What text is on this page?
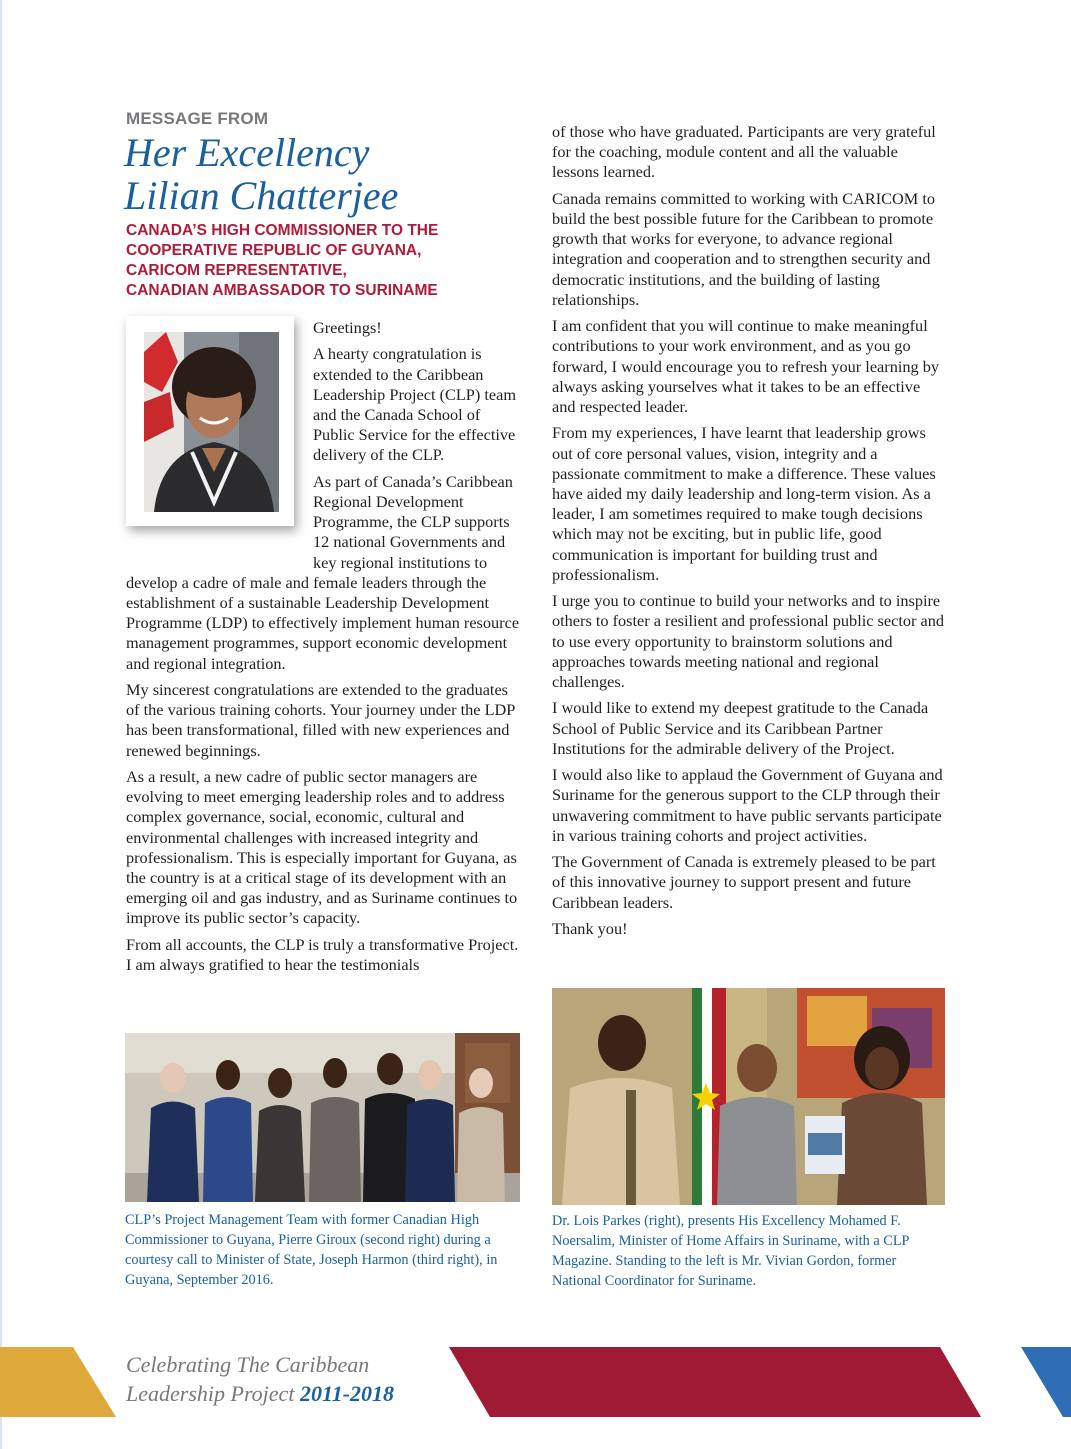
MESSAGE FROM
Her Excellency
Lilian Chatterjee
CANADA’S HIGH COMMISSIONER TO THE
COOPERATIVE REPUBLIC OF GUYANA,
CARICOM REPRESENTATIVE,
CANADIAN AMBASSADOR TO SURINAME

Greetings!

A hearty congratulation is extended to the Caribbean Leadership Project (CLP) team and the Canada School of Public Service for the effective delivery of the CLP.

As part of Canada’s Caribbean Regional Development Programme, the CLP supports 12 national Governments and key regional institutions to develop a cadre of male and female leaders through the establishment of a sustainable Leadership Development Programme (LDP) to effectively implement human resource management programmes, support economic development and regional integration.

My sincerest congratulations are extended to the graduates of the various training cohorts. Your journey under the LDP has been transformational, filled with new experiences and renewed beginnings.

As a result, a new cadre of public sector managers are evolving to meet emerging leadership roles and to address complex governance, social, economic, cultural and environmental challenges with increased integrity and professionalism. This is especially important for Guyana, as the country is at a critical stage of its development with an emerging oil and gas industry, and as Suriname continues to improve its public sector’s capacity.

From all accounts, the CLP is truly a transformative Project. I am always gratified to hear the testimonials

of those who have graduated. Participants are very grateful for the coaching, module content and all the valuable lessons learned.

Canada remains committed to working with CARICOM to build the best possible future for the Caribbean to promote growth that works for everyone, to advance regional integration and cooperation and to strengthen security and democratic institutions, and the building of lasting relationships.

I am confident that you will continue to make meaningful contributions to your work environment, and as you go forward, I would encourage you to refresh your learning by always asking yourselves what it takes to be an effective and respected leader.

From my experiences, I have learnt that leadership grows out of core personal values, vision, integrity and a passionate commitment to make a difference. These values have aided my daily leadership and long-term vision. As a leader, I am sometimes required to make tough decisions which may not be exciting, but in public life, good communication is important for building trust and professionalism.

I urge you to continue to build your networks and to inspire others to foster a resilient and professional public sector and to use every opportunity to brainstorm solutions and approaches towards meeting national and regional challenges.

I would like to extend my deepest gratitude to the Canada School of Public Service and its Caribbean Partner Institutions for the admirable delivery of the Project.

I would also like to applaud the Government of Guyana and Suriname for the generous support to the CLP through their unwavering commitment to have public servants participate in various training cohorts and project activities.

The Government of Canada is extremely pleased to be part of this innovative journey to support present and future Caribbean leaders.

Thank you!

CLP’s Project Management Team with former Canadian High Commissioner to Guyana, Pierre Giroux (second right) during a courtesy call to Minister of State, Joseph Harmon (third right), in Guyana, September 2016.
Dr. Lois Parkes (right), presents His Excellency Mohamed F. Noersalim, Minister of Home Affairs in Suriname, with a CLP Magazine. Standing to the left is Mr. Vivian Gordon, former National Coordinator for Suriname.
Celebrating The Caribbean
Leadership Project 2011-2018
